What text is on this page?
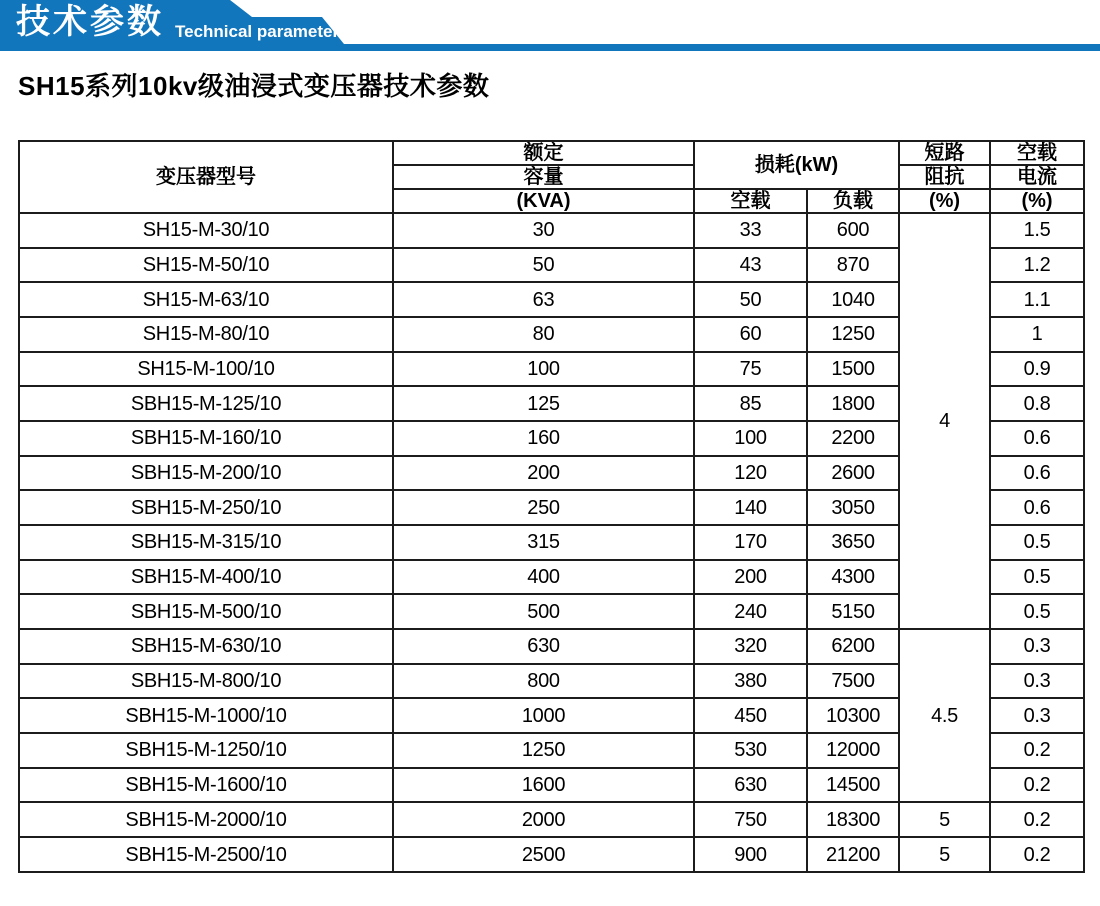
技术参数 Technical parameter
SH15系列10kv级油浸式变压器技术参数
变压器型号	额定	损耗(kW)		短路	空载
	容量			阻抗	电流
	(KVA)	空载	负载	(%)	(%)
SH15-M-30/10	30	33	600	4	1.5
SH15-M-50/10	50	43	870		1.2
SH15-M-63/10	63	50	1040		1.1
SH15-M-80/10	80	60	1250		1
SH15-M-100/10	100	75	1500		0.9
SBH15-M-125/10	125	85	1800		0.8
SBH15-M-160/10	160	100	2200		0.6
SBH15-M-200/10	200	120	2600		0.6
SBH15-M-250/10	250	140	3050		0.6
SBH15-M-315/10	315	170	3650		0.5
SBH15-M-400/10	400	200	4300		0.5
SBH15-M-500/10	500	240	5150		0.5
SBH15-M-630/10	630	320	6200	4.5	0.3
SBH15-M-800/10	800	380	7500		0.3
SBH15-M-1000/10	1000	450	10300		0.3
SBH15-M-1250/10	1250	530	12000		0.2
SBH15-M-1600/10	1600	630	14500		0.2
SBH15-M-2000/10	2000	750	18300	5	0.2
SBH15-M-2500/10	2500	900	21200	5	0.2
